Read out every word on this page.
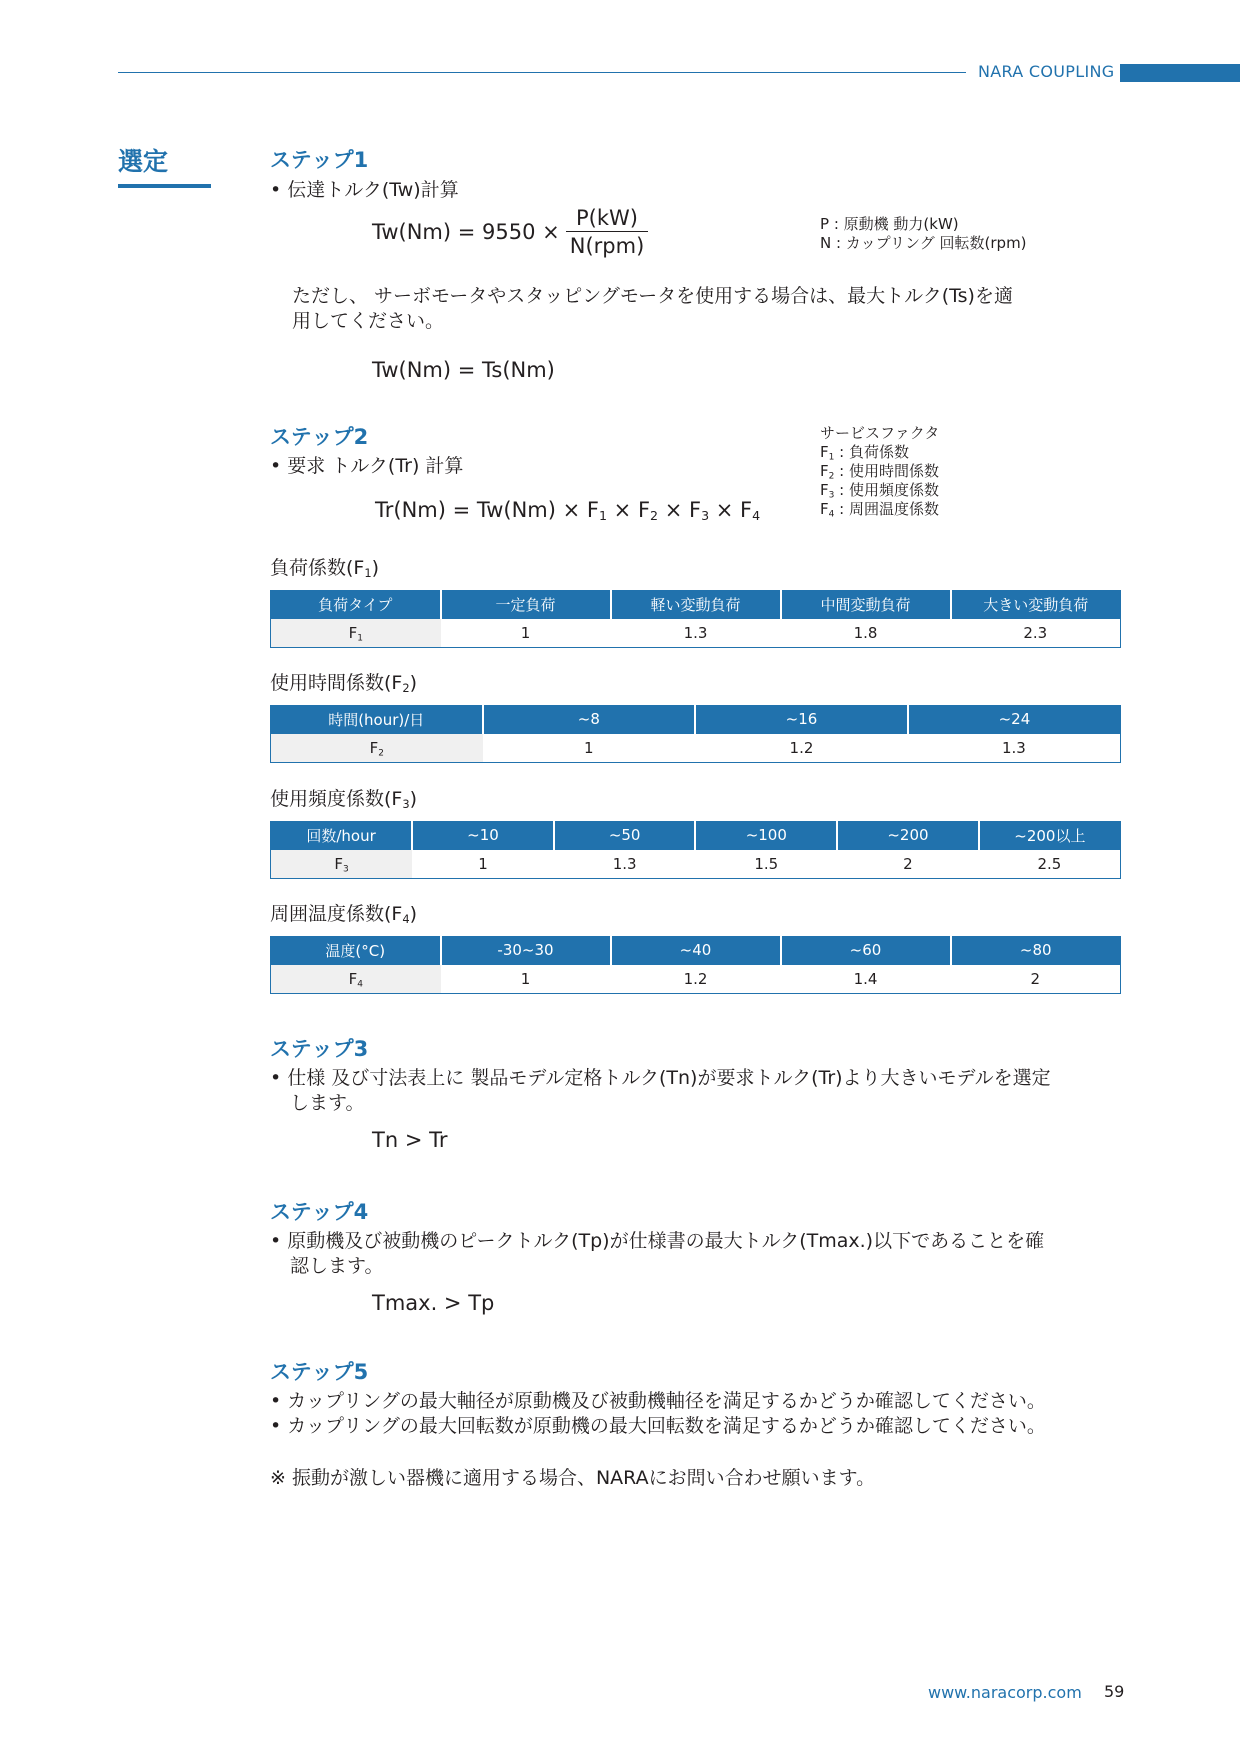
NARA COUPLING
選定	ステップ1
• 伝達トルク(Tw)計算
$Tw(Nm) = 9550 \times \frac{P(kW)}{\text{N(rpm)}}$	P : 原動機 動力(kW)
N : カップリング 回転数(rpm)
ただし、 サーボモータやスタッピングモータを使用する場合は、最大トルク(Ts)を適
用してください。
Tw(Nm) = Ts(Nm)
ステップ2
• 要求 トルク(Tr) 計算
$Tr(Nm) = Tw(Nm) \times F_1 \times F_2 \times F_3 \times F_4$
サービスファクタ
$F_1$ : 負荷係数
$F_2$ : 使用時間係数
$F_3$ : 使用頻度係数
$F_4$ : 周囲温度係数
負荷係数$(F_1)$
負荷タイプ	一定負荷	軽い変動負荷	中間変動負荷	大きい変動負荷
$F_1$	1	1.3	1.8	2.3
使用時間係数$(F_2)$
時間(hour)/日	~8	~16	~24
$F_2$	1	1.2	1.3
使用頻度係数$(F_3)$
回数/hour	~10	~50	~100	~200	~200以上
$F_3$	1	1.3	1.5	2	2.5
周囲温度係数$(F_4)$
温度(°C)	-30~30	~40	~60	~80
$F_4$	1	1.2	1.4	2
ステップ3
• 仕様 及び寸法表上に 製品モデル定格トルク(Tn)が要求トルク(Tr)より大きいモデルを選定
します。
Tn > Tr
ステップ4
• 原動機及び被動機のピークトルク(Tp)が仕様書の最大トルク(Tmax.)以下であることを確
認します。
Tmax. > Tp
ステップ5
• カップリングの最大軸径が原動機及び被動機軸径を満足するかどうか確認してください。
• カップリングの最大回転数が原動機の最大回転数を満足するかどうか確認してください。
※ 振動が激しい器機に適用する場合、NARAにお問い合わせ願います。
www.naracorp.com 59
